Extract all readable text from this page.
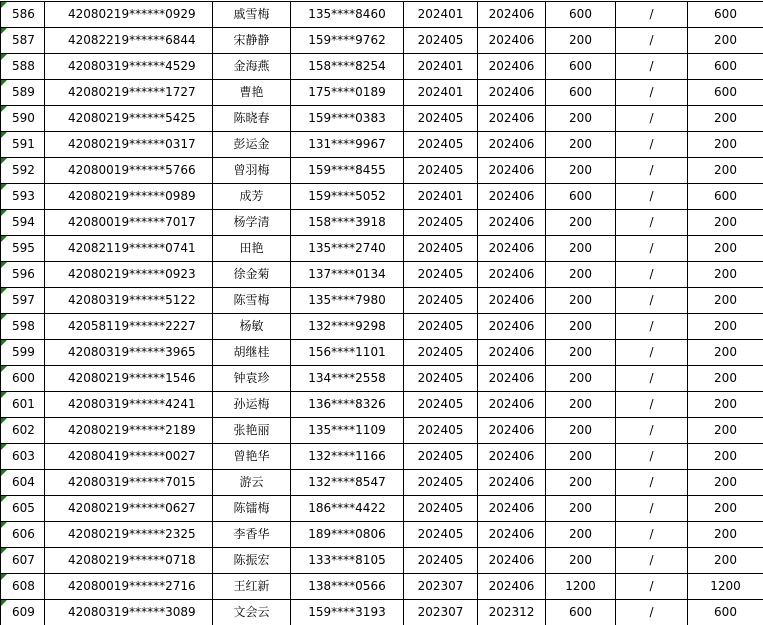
586	42080219******0929	戚雪梅	135****8460	202401	202406	600	/	600
587	42082219******6844	宋静静	159****9762	202405	202406	200	/	200
588	42080319******4529	金海燕	158****8254	202401	202406	600	/	600
589	42080219******1727	曹艳	175****0189	202401	202406	600	/	600
590	42080219******5425	陈晓春	159****0383	202405	202406	200	/	200
591	42080219******0317	彭运金	131****9967	202405	202406	200	/	200
592	42080019******5766	曾羽梅	159****8455	202405	202406	200	/	200
593	42080219******0989	成芳	159****5052	202401	202406	600	/	600
594	42080019******7017	杨学清	158****3918	202405	202406	200	/	200
595	42082119******0741	田艳	135****2740	202405	202406	200	/	200
596	42080219******0923	徐金菊	137****0134	202405	202406	200	/	200
597	42080319******5122	陈雪梅	135****7980	202405	202406	200	/	200
598	42058119******2227	杨敏	132****9298	202405	202406	200	/	200
599	42080319******3965	胡继桂	156****1101	202405	202406	200	/	200
600	42080219******1546	钟袁珍	134****2558	202405	202406	200	/	200
601	42080319******4241	孙运梅	136****8326	202405	202406	200	/	200
602	42080219******2189	张艳丽	135****1109	202405	202406	200	/	200
603	42080419******0027	曾艳华	132****1166	202405	202406	200	/	200
604	42080319******7015	游云	132****8547	202405	202406	200	/	200
605	42080219******0627	陈镭梅	186****4422	202405	202406	200	/	200
606	42080219******2325	李香华	189****0806	202405	202406	200	/	200
607	42080219******0718	陈振宏	133****8105	202405	202406	200	/	200
608	42080019******2716	王红新	138****0566	202307	202406	1200	/	1200
609	42080319******3089	文会云	159****3193	202307	202312	600	/	600
